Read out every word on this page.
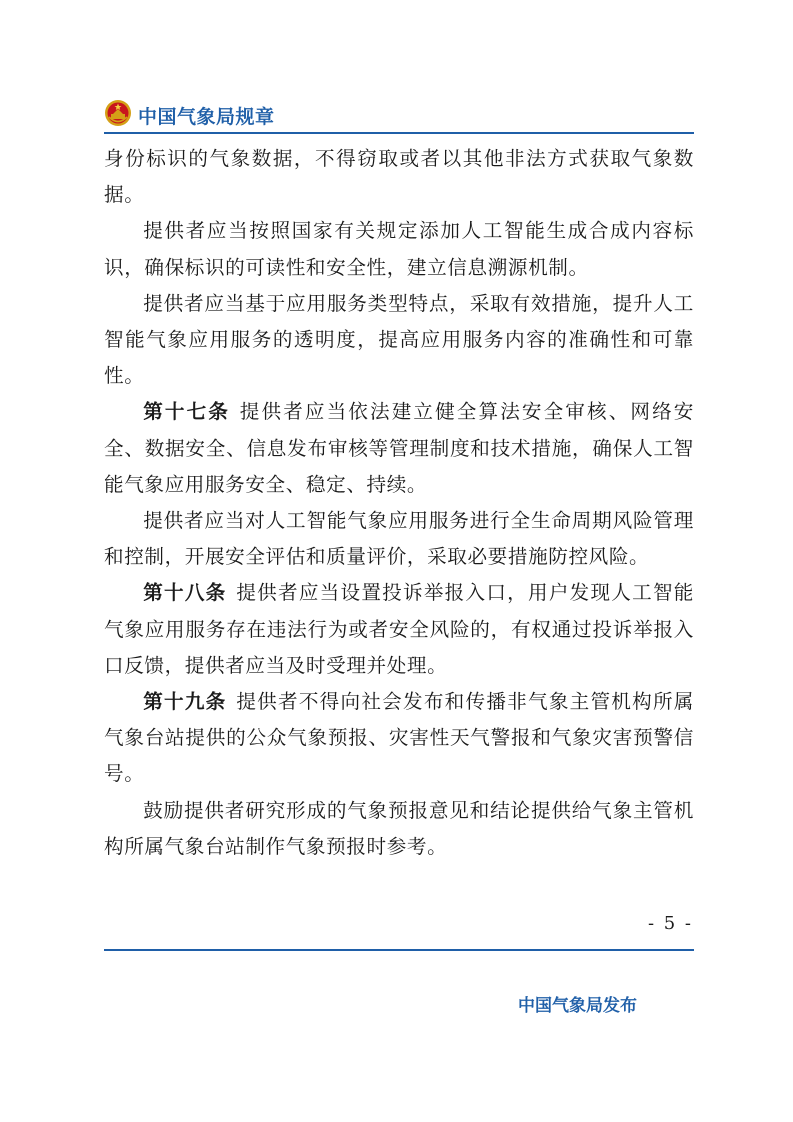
中国气象局规章

身份标识的气象数据，不得窃取或者以其他非法方式获取气象数据。

提供者应当按照国家有关规定添加人工智能生成合成内容标识，确保标识的可读性和安全性，建立信息溯源机制。

提供者应当基于应用服务类型特点，采取有效措施，提升人工智能气象应用服务的透明度，提高应用服务内容的准确性和可靠性。

第十七条 提供者应当依法建立健全算法安全审核、网络安全、数据安全、信息发布审核等管理制度和技术措施，确保人工智能气象应用服务安全、稳定、持续。

提供者应当对人工智能气象应用服务进行全生命周期风险管理和控制，开展安全评估和质量评价，采取必要措施防控风险。

第十八条 提供者应当设置投诉举报入口，用户发现人工智能气象应用服务存在违法行为或者安全风险的，有权通过投诉举报入口反馈，提供者应当及时受理并处理。

第十九条 提供者不得向社会发布和传播非气象主管机构所属气象台站提供的公众气象预报、灾害性天气警报和气象灾害预警信号。

鼓励提供者研究形成的气象预报意见和结论提供给气象主管机构所属气象台站制作气象预报时参考。

- 5 -
中国气象局发布
